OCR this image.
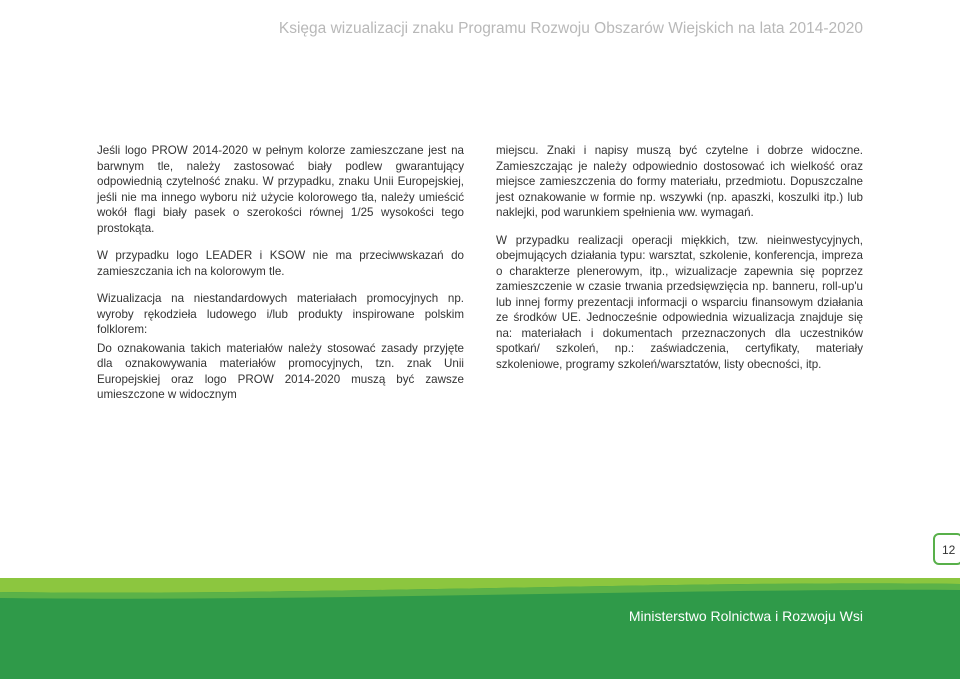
Księga wizualizacji znaku Programu Rozwoju Obszarów Wiejskich na lata 2014-2020

Jeśli logo PROW 2014-2020 w pełnym kolorze zamieszczane jest na barwnym tle, należy zastosować biały podlew gwarantujący odpowiednią czytelność znaku. W przypadku, znaku Unii Europejskiej, jeśli nie ma innego wyboru niż użycie kolorowego tła, należy umieścić wokół flagi biały pasek o szerokości równej 1/25 wysokości tego prostokąta.

W przypadku logo LEADER i KSOW nie ma przeciwwskazań do zamieszczania ich na kolorowym tle.

Wizualizacja na niestandardowych materiałach promocyjnych np. wyroby rękodzieła ludowego i/lub produkty inspirowane polskim folklorem:

Do oznakowania takich materiałów należy stosować zasady przyjęte dla oznakowywania materiałów promocyjnych, tzn. znak Unii Europejskiej oraz logo PROW 2014-2020 muszą być zawsze umieszczone w widocznym

miejscu. Znaki i napisy muszą być czytelne i dobrze widoczne. Zamieszczając je należy odpowiednio dostosować ich wielkość oraz miejsce zamieszczenia do formy materiału, przedmiotu. Dopuszczalne jest oznakowanie w formie np. wszywki (np. apaszki, koszulki itp.) lub naklejki, pod warunkiem spełnienia ww. wymagań.

W przypadku realizacji operacji miękkich, tzw. nieinwestycyjnych, obejmujących działania typu: warsztat, szkolenie, konferencja, impreza o charakterze plenerowym, itp., wizualizacje zapewnia się poprzez zamieszczenie w czasie trwania przedsięwzięcia np. banneru, roll-up'u lub innej formy prezentacji informacji o wsparciu finansowym działania ze środków UE. Jednocześnie odpowiednia wizualizacja znajduje się na: materiałach i dokumentach przeznaczonych dla uczestników spotkań/ szkoleń, np.: zaświadczenia, certyfikaty, materiały szkoleniowe, programy szkoleń/warsztatów, listy obecności, itp.

12
Ministerstwo Rolnictwa i Rozwoju Wsi
